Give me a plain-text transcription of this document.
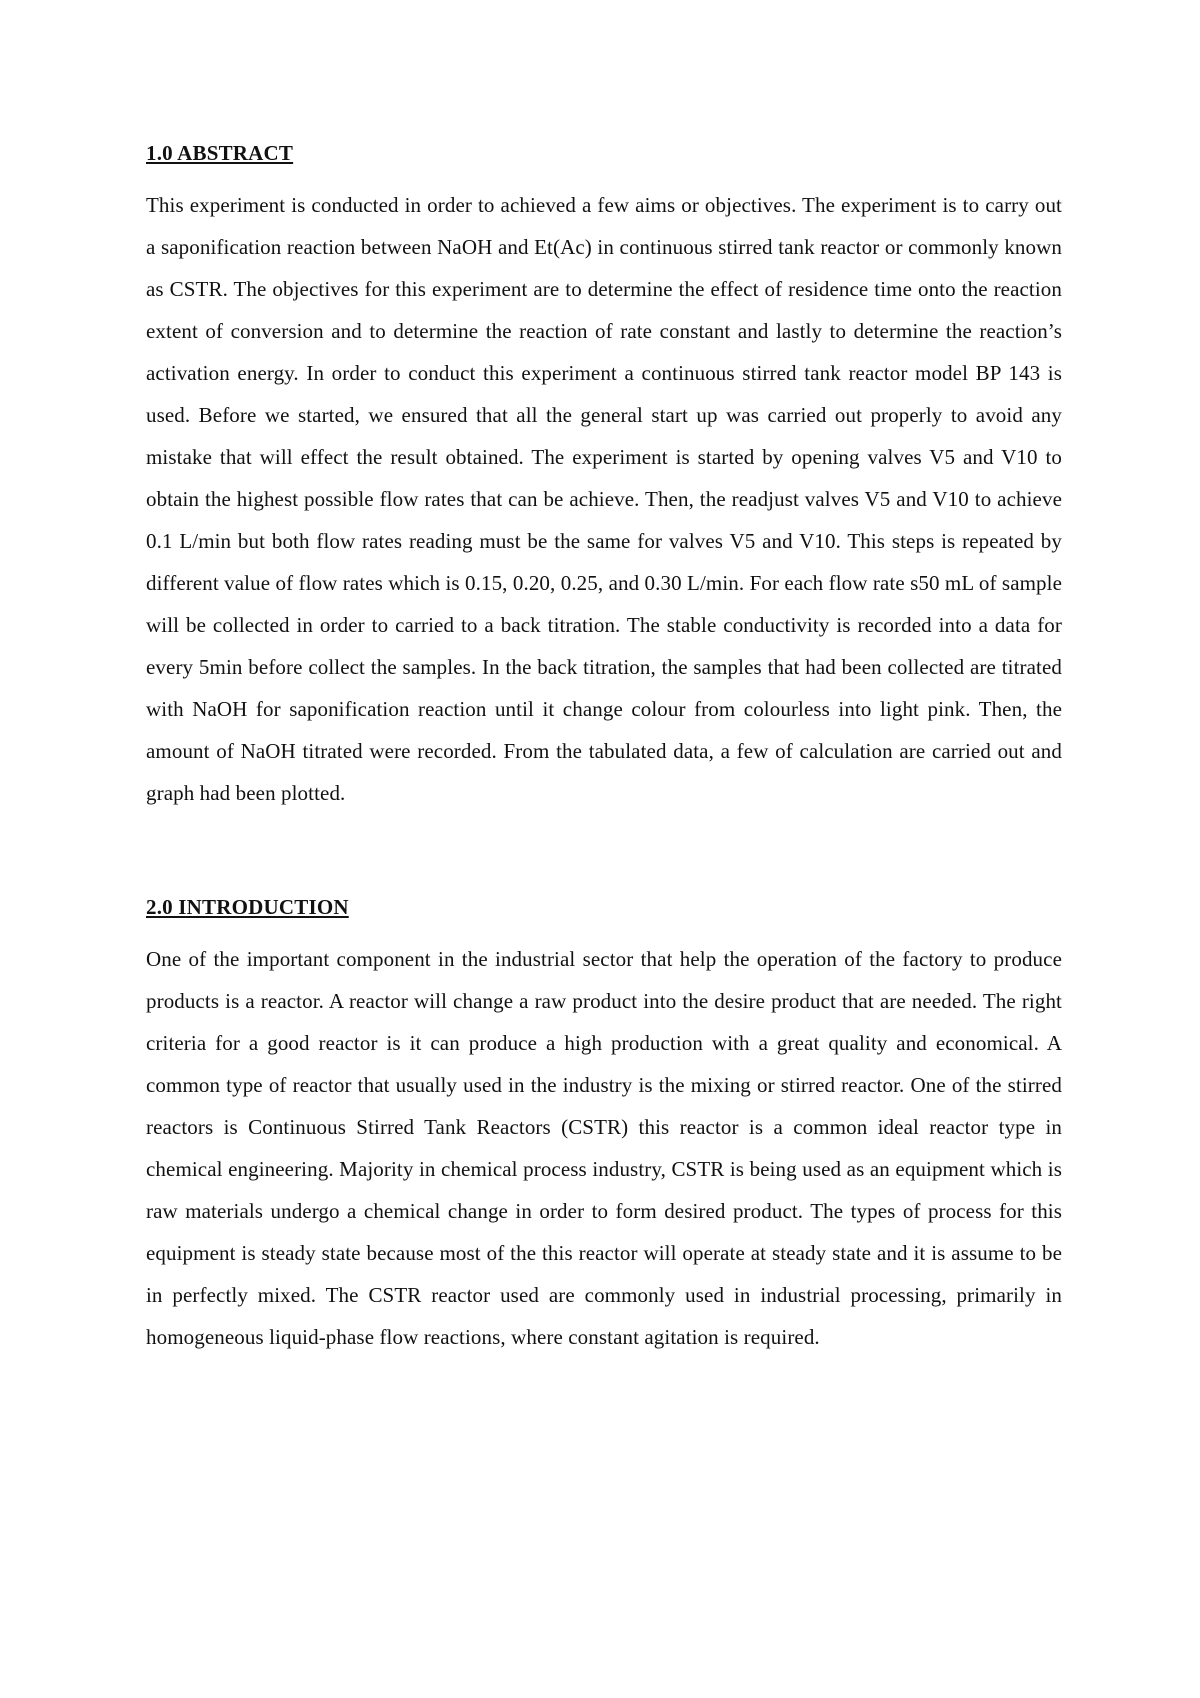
1.0 ABSTRACT

This experiment is conducted in order to achieved a few aims or objectives. The experiment is to carry out a saponification reaction between NaOH and Et(Ac) in continuous stirred tank reactor or commonly known as CSTR. The objectives for this experiment are to determine the effect of residence time onto the reaction extent of conversion and to determine the reaction of rate constant and lastly to determine the reaction’s activation energy. In order to conduct this experiment a continuous stirred tank reactor model BP 143 is used. Before we started, we ensured that all the general start up was carried out properly to avoid any mistake that will effect the result obtained. The experiment is started by opening valves V5 and V10 to obtain the highest possible flow rates that can be achieve. Then, the readjust valves V5 and V10 to achieve 0.1 L/min but both flow rates reading must be the same for valves V5 and V10. This steps is repeated by different value of flow rates which is 0.15, 0.20, 0.25, and 0.30 L/min. For each flow rate s50 mL of sample will be collected in order to carried to a back titration. The stable conductivity is recorded into a data for every 5min before collect the samples. In the back titration, the samples that had been collected are titrated with NaOH for saponification reaction until it change colour from colourless into light pink. Then, the amount of NaOH titrated were recorded. From the tabulated data, a few of calculation are carried out and graph had been plotted.

2.0 INTRODUCTION

One of the important component in the industrial sector that help the operation of the factory to produce products is a reactor. A reactor will change a raw product into the desire product that are needed. The right criteria for a good reactor is it can produce a high production with a great quality and economical. A common type of reactor that usually used in the industry is the mixing or stirred reactor. One of the stirred reactors is Continuous Stirred Tank Reactors (CSTR) this reactor is a common ideal reactor type in chemical engineering. Majority in chemical process industry, CSTR is being used as an equipment which is raw materials undergo a chemical change in order to form desired product. The types of process for this equipment is steady state because most of the this reactor will operate at steady state and it is assume to be in perfectly mixed. The CSTR reactor used are commonly used in industrial processing, primarily in homogeneous liquid-phase flow reactions, where constant agitation is required.
